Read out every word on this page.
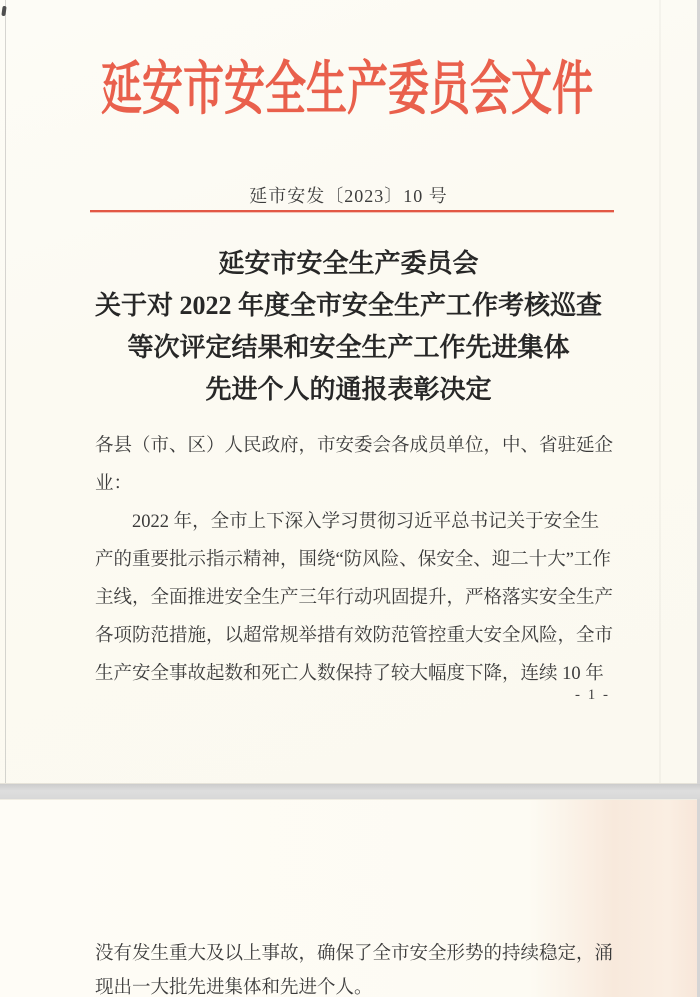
延安市安全生产委员会文件
延市安发〔2023〕10 号
延安市安全生产委员会
关于对 2022 年度全市安全生产工作考核巡查
等次评定结果和安全生产工作先进集体
先进个人的通报表彰决定
各县（市、区）人民政府，市安委会各成员单位，中、省驻延企
业：
2022 年，全市上下深入学习贯彻习近平总书记关于安全生
产的重要批示指示精神，围绕“防风险、保安全、迎二十大”工作
主线，全面推进安全生产三年行动巩固提升，严格落实安全生产
各项防范措施，以超常规举措有效防范管控重大安全风险，全市
生产安全事故起数和死亡人数保持了较大幅度下降，连续 10 年
- 1 -
没有发生重大及以上事故，确保了全市安全形势的持续稳定，涌
现出一大批先进集体和先进个人。
